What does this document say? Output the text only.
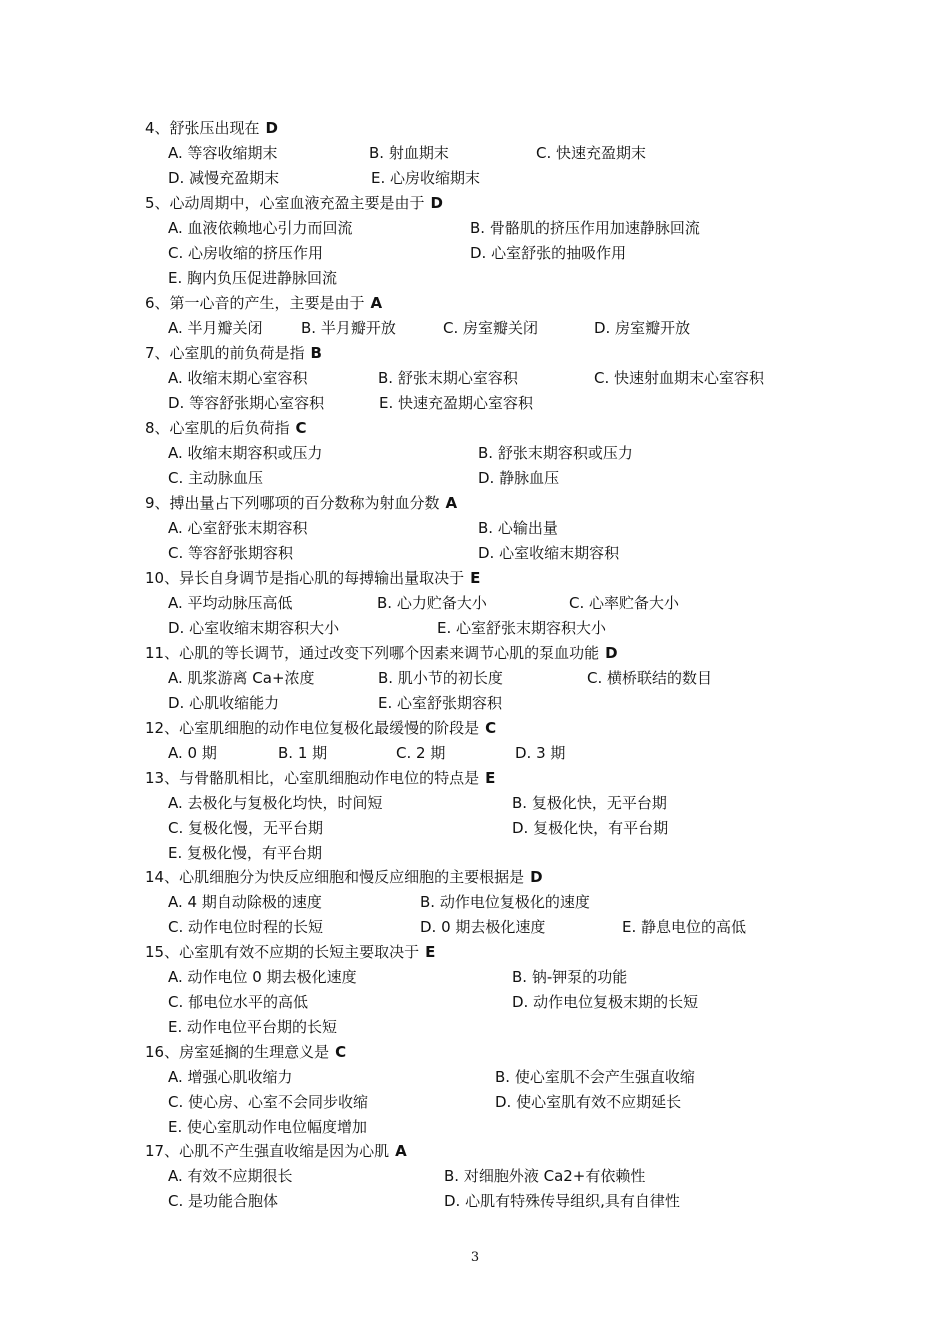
4、舒张压出现在 D
A. 等容收缩期末	B. 射血期末	C. 快速充盈期末
D. 减慢充盈期末	E. 心房收缩期末
5、心动周期中，心室血液充盈主要是由于 D
A. 血液依赖地心引力而回流	B. 骨骼肌的挤压作用加速静脉回流
C. 心房收缩的挤压作用	D. 心室舒张的抽吸作用
E. 胸内负压促进静脉回流
6、第一心音的产生，主要是由于 A
A. 半月瓣关闭	B. 半月瓣开放	C. 房室瓣关闭	D. 房室瓣开放
7、心室肌的前负荷是指 B
A. 收缩末期心室容积	B. 舒张末期心室容积	C. 快速射血期末心室容积
D. 等容舒张期心室容积	E. 快速充盈期心室容积
8、心室肌的后负荷指 C
A. 收缩末期容积或压力	B. 舒张末期容积或压力
C. 主动脉血压	D. 静脉血压
9、搏出量占下列哪项的百分数称为射血分数 A
A. 心室舒张末期容积	B. 心输出量
C. 等容舒张期容积	D. 心室收缩末期容积
10、异长自身调节是指心肌的每搏输出量取决于 E
A. 平均动脉压高低	B. 心力贮备大小	C. 心率贮备大小
D. 心室收缩末期容积大小	E. 心室舒张末期容积大小
11、心肌的等长调节，通过改变下列哪个因素来调节心肌的泵血功能 D
A. 肌浆游离 Ca+浓度	B. 肌小节的初长度	C. 横桥联结的数目
D. 心肌收缩能力	E. 心室舒张期容积
12、心室肌细胞的动作电位复极化最缓慢的阶段是 C
A. 0 期	B. 1 期	C. 2 期	D. 3 期
13、与骨骼肌相比，心室肌细胞动作电位的特点是 E
A. 去极化与复极化均快，时间短	B. 复极化快，无平台期
C. 复极化慢，无平台期	D. 复极化快，有平台期
E. 复极化慢，有平台期
14、心肌细胞分为快反应细胞和慢反应细胞的主要根据是 D
A. 4 期自动除极的速度	B. 动作电位复极化的速度
C. 动作电位时程的长短	D. 0 期去极化速度	E. 静息电位的高低
15、心室肌有效不应期的长短主要取决于 E
A. 动作电位 0 期去极化速度	B. 钠-钾泵的功能
C. 郁电位水平的高低	D. 动作电位复极末期的长短
E. 动作电位平台期的长短
16、房室延搁的生理意义是 C
A. 增强心肌收缩力	B. 使心室肌不会产生强直收缩
C. 使心房、心室不会同步收缩	D. 使心室肌有效不应期延长
E. 使心室肌动作电位幅度增加
17、心肌不产生强直收缩是因为心肌 A
A. 有效不应期很长	B. 对细胞外液 Ca2+有依赖性
C. 是功能合胞体	D. 心肌有特殊传导组织,具有自律性
3
